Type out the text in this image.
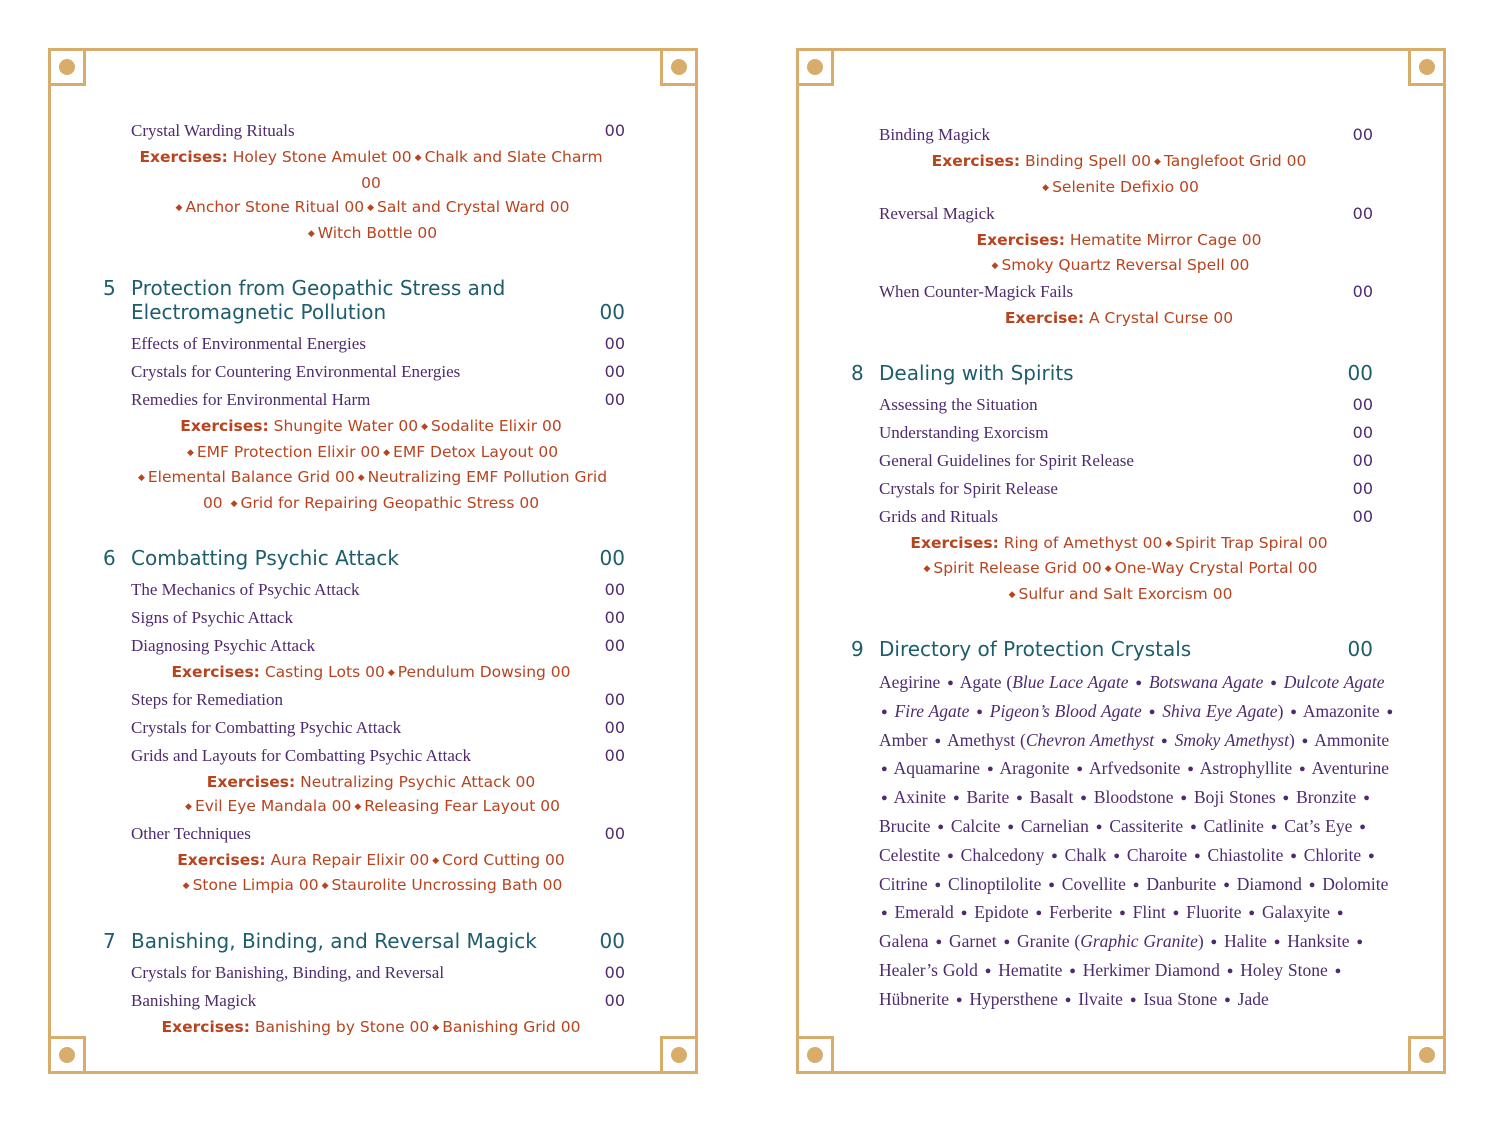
Crystal Warding Rituals	00
Exercises: Holey Stone Amulet 00 ◆ Chalk and Slate Charm 00
◆ Anchor Stone Ritual 00 ◆ Salt and Crystal Ward 00
◆ Witch Bottle 00
5 Protection from Geopathic Stress and Electromagnetic Pollution	00
Effects of Environmental Energies	00
Crystals for Countering Environmental Energies	00
Remedies for Environmental Harm	00
Exercises: Shungite Water 00 ◆ Sodalite Elixir 00
◆ EMF Protection Elixir 00 ◆ EMF Detox Layout 00
◆ Elemental Balance Grid 00 ◆ Neutralizing EMF Pollution Grid 00 ◆ Grid for Repairing Geopathic Stress 00
6 Combatting Psychic Attack	00
The Mechanics of Psychic Attack	00
Signs of Psychic Attack	00
Diagnosing Psychic Attack	00
Exercises: Casting Lots 00 ◆ Pendulum Dowsing 00
Steps for Remediation	00
Crystals for Combatting Psychic Attack	00
Grids and Layouts for Combatting Psychic Attack	00
Exercises: Neutralizing Psychic Attack 00
◆ Evil Eye Mandala 00 ◆ Releasing Fear Layout 00
Other Techniques	00
Exercises: Aura Repair Elixir 00 ◆ Cord Cutting 00
◆ Stone Limpia 00 ◆ Staurolite Uncrossing Bath 00
7 Banishing, Binding, and Reversal Magick	00
Crystals for Banishing, Binding, and Reversal	00
Banishing Magick	00
Exercises: Banishing by Stone 00 ◆ Banishing Grid 00
Binding Magick	00
Exercises: Binding Spell 00 ◆ Tanglefoot Grid 00
◆ Selenite Defixio 00
Reversal Magick	00
Exercises: Hematite Mirror Cage 00
◆ Smoky Quartz Reversal Spell 00
When Counter-Magick Fails	00
Exercise: A Crystal Curse 00
8 Dealing with Spirits	00
Assessing the Situation	00
Understanding Exorcism	00
General Guidelines for Spirit Release	00
Crystals for Spirit Release	00
Grids and Rituals	00
Exercises: Ring of Amethyst 00 ◆ Spirit Trap Spiral 00
◆ Spirit Release Grid 00 ◆ One-Way Crystal Portal 00
◆ Sulfur and Salt Exorcism 00
9 Directory of Protection Crystals	00
Aegirine ● Agate (Blue Lace Agate ● Botswana Agate ● Dulcote Agate ● Fire Agate ● Pigeon’s Blood Agate ● Shiva Eye Agate) ● Amazonite ● Amber ● Amethyst (Chevron Amethyst ● Smoky Amethyst) ● Ammonite ● Aquamarine ● Aragonite ● Arfvedsonite ● Astrophyllite ● Aventurine ● Axinite ● Barite ● Basalt ● Bloodstone ● Boji Stones ● Bronzite ● Brucite ● Calcite ● Carnelian ● Cassiterite ● Catlinite ● Cat’s Eye ● Celestite ● Chalcedony ● Chalk ● Charoite ● Chiastolite ● Chlorite ● Citrine ● Clinoptilolite ● Covellite ● Danburite ● Diamond ● Dolomite ● Emerald ● Epidote ● Ferberite ● Flint ● Fluorite ● Galaxyite ● Galena ● Garnet ● Granite (Graphic Granite) ● Halite ● Hanksite ● Healer’s Gold ● Hematite ● Herkimer Diamond ● Holey Stone ● Hübnerite ● Hypersthene ● Ilvaite ● Isua Stone ● Jade
